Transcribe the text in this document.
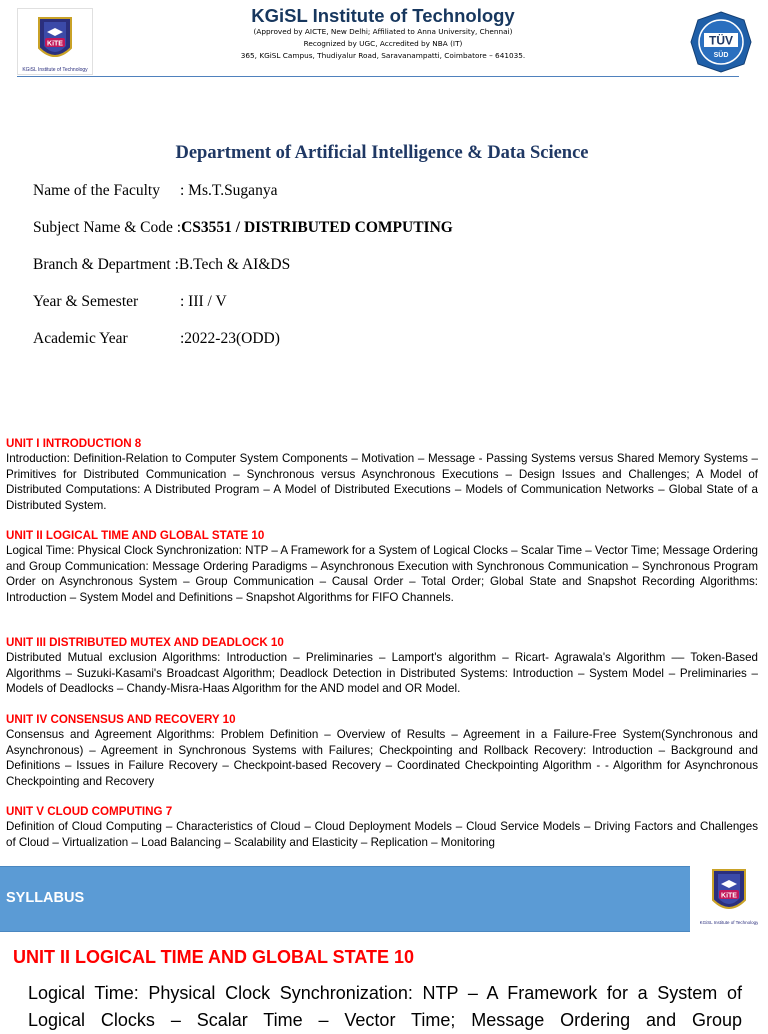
KiTE
KGiSL Institute of Technology
KGiSL Institute of Technology
(Approved by AICTE, New Delhi; Affiliated to Anna University, Chennai)
Recognized by UGC, Accredited by NBA (IT)
365, KGiSL Campus, Thudiyalur Road, Saravanampatti, Coimbatore – 641035.
TÜV
SÜD
Department of Artificial Intelligence & Data Science
Name of the Faculty : Ms.T.Suganya
Subject Name & Code :CS3551 / DISTRIBUTED COMPUTING
Branch & Department :B.Tech & AI&DS
Year & Semester	: III / V
Academic Year	:2022-23(ODD)
UNIT I INTRODUCTION 8
Introduction: Definition-Relation to Computer System Components – Motivation – Message - Passing Systems versus Shared Memory Systems – Primitives for Distributed Communication – Synchronous versus Asynchronous Executions – Design Issues and Challenges; A Model of Distributed Computations: A Distributed Program – A Model of Distributed Executions – Models of Communication Networks – Global State of a Distributed System.
UNIT II LOGICAL TIME AND GLOBAL STATE 10
Logical Time: Physical Clock Synchronization: NTP – A Framework for a System of Logical Clocks – Scalar Time – Vector Time; Message Ordering and Group Communication: Message Ordering Paradigms – Asynchronous Execution with Synchronous Communication – Synchronous Program Order on Asynchronous System – Group Communication – Causal Order – Total Order; Global State and Snapshot Recording Algorithms: Introduction – System Model and Definitions – Snapshot Algorithms for FIFO Channels.
UNIT III DISTRIBUTED MUTEX AND DEADLOCK 10
Distributed Mutual exclusion Algorithms: Introduction – Preliminaries – Lamport's algorithm – Ricart- Agrawala's Algorithm –– Token-Based Algorithms – Suzuki-Kasami's Broadcast Algorithm; Deadlock Detection in Distributed Systems: Introduction – System Model – Preliminaries – Models of Deadlocks – Chandy-Misra-Haas Algorithm for the AND model and OR Model.
UNIT IV CONSENSUS AND RECOVERY 10
Consensus and Agreement Algorithms: Problem Definition – Overview of Results – Agreement in a Failure-Free System(Synchronous and Asynchronous) – Agreement in Synchronous Systems with Failures; Checkpointing and Rollback Recovery: Introduction – Background and Definitions – Issues in Failure Recovery – Checkpoint-based Recovery – Coordinated Checkpointing Algorithm - - Algorithm for Asynchronous Checkpointing and Recovery
UNIT V CLOUD COMPUTING 7
Definition of Cloud Computing – Characteristics of Cloud – Cloud Deployment Models – Cloud Service Models – Driving Factors and Challenges of Cloud – Virtualization – Load Balancing – Scalability and Elasticity – Replication – Monitoring
SYLLABUS	KiTE
KGiSL Institute of Technology
UNIT II LOGICAL TIME AND GLOBAL STATE 10
Logical Time: Physical Clock Synchronization: NTP – A Framework for a System of Logical Clocks – Scalar Time – Vector Time; Message Ordering and Group
